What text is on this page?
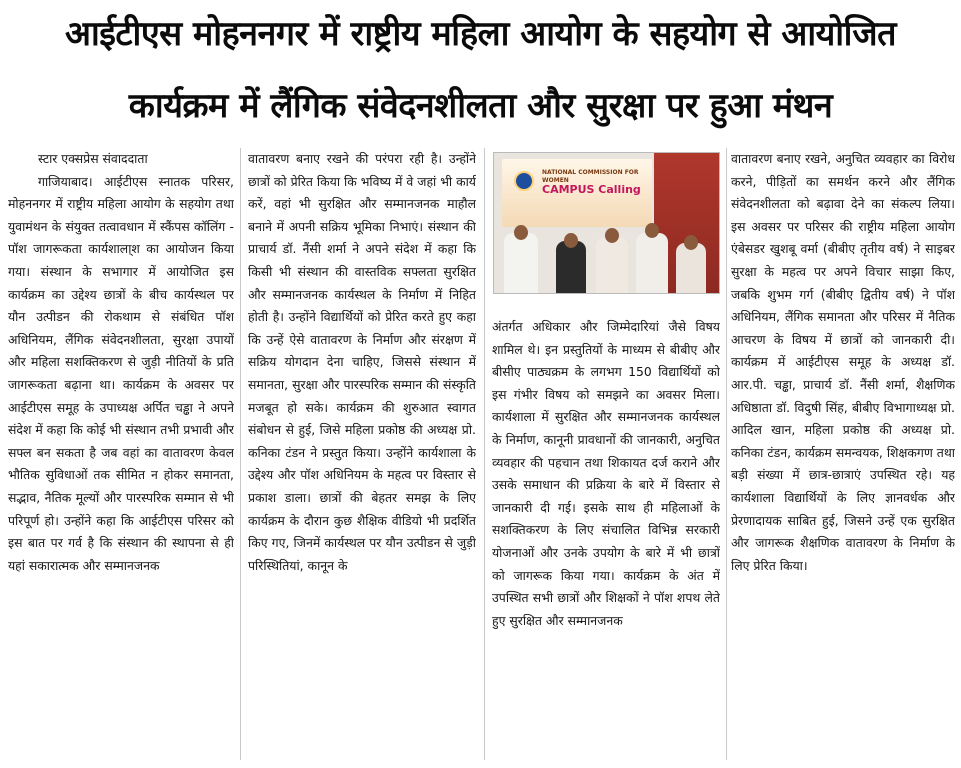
आईटीएस मोहननगर में राष्ट्रीय महिला आयोग के सहयोग से आयोजित
कार्यक्रम में लैंगिक संवेदनशीलता और सुरक्षा पर हुआ मंथन
स्टार एक्सप्रेस संवाददाता

गाजियाबाद। आईटीएस स्नातक परिसर, मोहननगर में राष्ट्रीय महिला आयोग के सहयोग तथा युवामंथन के संयुक्त तत्वावधान में स्कैंपस कॉलिंग - पॉश जागरूकता कार्यशाला्श का आयोजन किया गया। संस्थान के सभागार में आयोजित इस कार्यक्रम का उद्देश्य छात्रों के बीच कार्यस्थल पर यौन उत्पीडन की रोकथाम से संबंधित पॉश अधिनियम, लैंगिक संवेदनशीलता, सुरक्षा उपायों और महिला सशक्तिकरण से जुड़ी नीतियों के प्रति जागरूकता बढ़ाना था। कार्यक्रम के अवसर पर आईटीएस समूह के उपाध्यक्ष अर्पित चड्ढा ने अपने संदेश में कहा कि कोई भी संस्थान तभी प्रभावी और सफ्ल बन सकता है जब वहां का वातावरण केवल भौतिक सुविधाओं तक सीमित न होकर समानता, सद्भाव, नैतिक मूल्यों और पारस्परिक सम्मान से भी परिपूर्ण हो। उन्होंने कहा कि आईटीएस परिसर को इस बात पर गर्व है कि संस्थान की स्थापना से ही यहां सकारात्मक और सम्मानजनक

वातावरण बनाए रखने की परंपरा रही है। उन्होंने छात्रों को प्रेरित किया कि भविष्य में वे जहां भी कार्य करें, वहां भी सुरक्षित और सम्मानजनक माहौल बनाने में अपनी सक्रिय भूमिका निभाएं। संस्थान की प्राचार्य डॉ. नैंसी शर्मा ने अपने संदेश में कहा कि किसी भी संस्थान की वास्तविक सफ्लता सुरक्षित और सम्मानजनक कार्यस्थल के निर्माण में निहित होती है। उन्होंने विद्यार्थियों को प्रेरित करते हुए कहा कि उन्हें ऐसे वातावरण के निर्माण और संरक्षण में सक्रिय योगदान देना चाहिए, जिससे संस्थान में समानता, सुरक्षा और पारस्परिक सम्मान की संस्कृति मजबूत हो सके। कार्यक्रम की शुरुआत स्वागत संबोधन से हुई, जिसे महिला प्रकोष्ठ की अध्यक्ष प्रो. कनिका टंडन ने प्रस्तुत किया। उन्होंने कार्यशाला के उद्देश्य और पॉश अधिनियम के महत्व पर विस्तार से प्रकाश डाला। छात्रों की बेहतर समझ के लिए कार्यक्रम के दौरान कुछ शैक्षिक वीडियो भी प्रदर्शित किए गए, जिनमें कार्यस्थल पर यौन उत्पीडन से जुड़ी परिस्थितियां, कानून के

NATIONAL COMMISSION FOR WOMEN
CAMPUS Calling

अंतर्गत अधिकार और जिम्मेदारियां जैसे विषय शामिल थे। इन प्रस्तुतियों के माध्यम से बीबीए और बीसीए पाठ्यक्रम के लगभग 150 विद्यार्थियों को इस गंभीर विषय को समझने का अवसर मिला। कार्यशाला में सुरक्षित और सम्मानजनक कार्यस्थल के निर्माण, कानूनी प्रावधानों की जानकारी, अनुचित व्यवहार की पहचान तथा शिकायत दर्ज कराने और उसके समाधान की प्रक्रिया के बारे में विस्तार से जानकारी दी गई। इसके साथ ही महिलाओं के सशक्तिकरण के लिए संचालित विभिन्न सरकारी योजनाओं और उनके उपयोग के बारे में भी छात्रों को जागरूक किया गया। कार्यक्रम के अंत में उपस्थित सभी छात्रों और शिक्षकों ने पॉश शपथ लेते हुए सुरक्षित और सम्मानजनक

वातावरण बनाए रखने, अनुचित व्यवहार का विरोध करने, पीड़ितों का समर्थन करने और लैंगिक संवेदनशीलता को बढ़ावा देने का संकल्प लिया। इस अवसर पर परिसर की राष्ट्रीय महिला आयोग एंबेसडर खुशबू वर्मा (बीबीए तृतीय वर्ष) ने साइबर सुरक्षा के महत्व पर अपने विचार साझा किए, जबकि शुभम गर्ग (बीबीए द्वितीय वर्ष) ने पॉश अधिनियम, लैंगिक समानता और परिसर में नैतिक आचरण के विषय में छात्रों को जानकारी दी। कार्यक्रम में आईटीएस समूह के अध्यक्ष डॉ. आर.पी. चड्ढा, प्राचार्य डॉ. नैंसी शर्मा, शैक्षणिक अधिष्ठाता डॉ. विदुषी सिंह, बीबीए विभागाध्यक्ष प्रो. आदिल खान, महिला प्रकोष्ठ की अध्यक्ष प्रो. कनिका टंडन, कार्यक्रम समन्वयक, शिक्षकगण तथा बड़ी संख्या में छात्र-छात्राएं उपस्थित रहे। यह कार्यशाला विद्यार्थियों के लिए ज्ञानवर्धक और प्रेरणादायक साबित हुई, जिसने उन्हें एक सुरक्षित और जागरूक शैक्षणिक वातावरण के निर्माण के लिए प्रेरित किया।
